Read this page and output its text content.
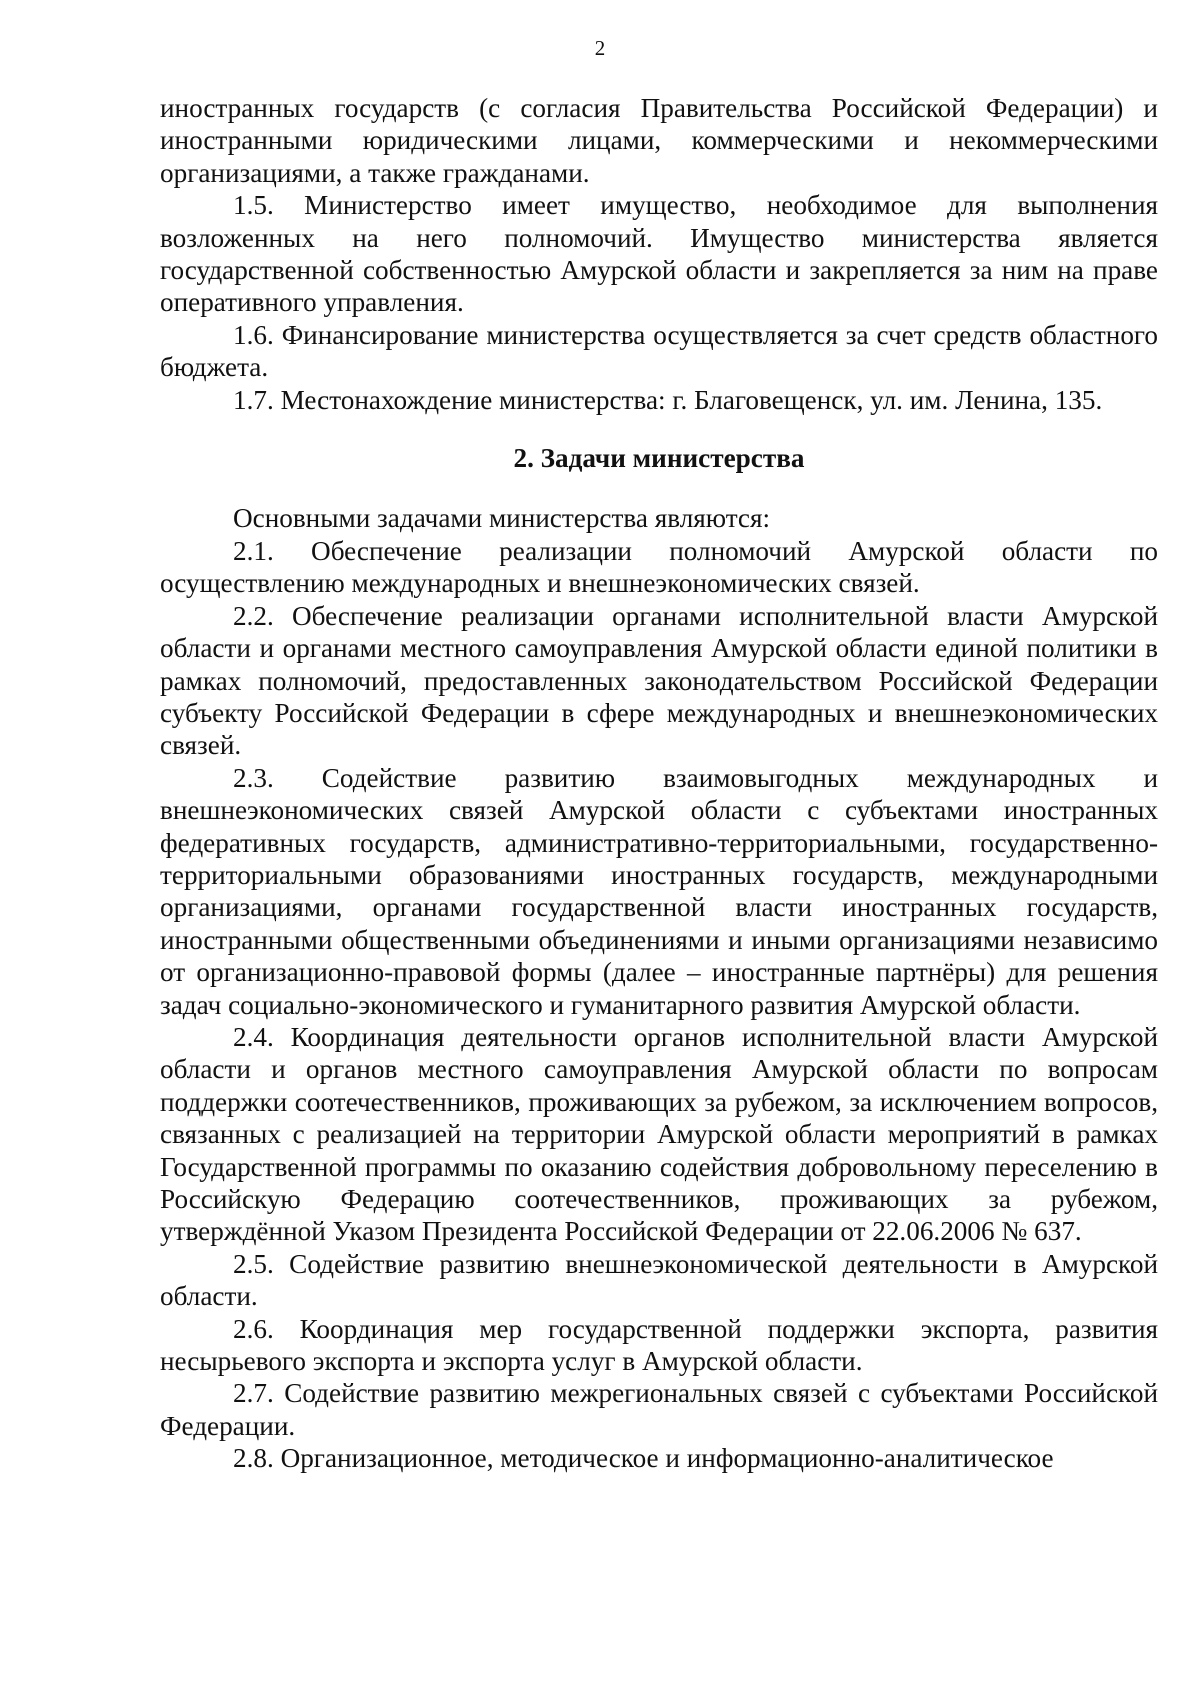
2

иностранных государств (с согласия Правительства Российской Федерации) и иностранными юридическими лицами, коммерческими и некоммерческими организациями, а также гражданами.

1.5. Министерство имеет имущество, необходимое для выполнения возложенных на него полномочий. Имущество министерства является государственной собственностью Амурской области и закрепляется за ним на праве оперативного управления.

1.6. Финансирование министерства осуществляется за счет средств областного бюджета.

1.7. Местонахождение министерства: г. Благовещенск, ул. им. Ленина, 135.

2. Задачи министерства

Основными задачами министерства являются:

2.1. Обеспечение реализации полномочий Амурской области по осуществлению международных и внешнеэкономических связей.

2.2. Обеспечение реализации органами исполнительной власти Амурской области и органами местного самоуправления Амурской области единой политики в рамках полномочий, предоставленных законодательством Российской Федерации субъекту Российской Федерации в сфере международных и внешнеэкономических связей.

2.3. Содействие развитию взаимовыгодных международных и внешнеэкономических связей Амурской области с субъектами иностранных федеративных государств, административно-территориальными, государственно-территориальными образованиями иностранных государств, международными организациями, органами государственной власти иностранных государств, иностранными общественными объединениями и иными организациями независимо от организационно-правовой формы (далее – иностранные партнёры) для решения задач социально-экономического и гуманитарного развития Амурской области.

2.4. Координация деятельности органов исполнительной власти Амурской области и органов местного самоуправления Амурской области по вопросам поддержки соотечественников, проживающих за рубежом, за исключением вопросов, связанных с реализацией на территории Амурской области мероприятий в рамках Государственной программы по оказанию содействия добровольному переселению в Российскую Федерацию соотечественников, проживающих за рубежом, утверждённой Указом Президента Российской Федерации от 22.06.2006 № 637.

2.5. Содействие развитию внешнеэкономической деятельности в Амурской области.

2.6. Координация мер государственной поддержки экспорта, развития несырьевого экспорта и экспорта услуг в Амурской области.

2.7. Содействие развитию межрегиональных связей с субъектами Российской Федерации.

2.8. Организационное, методическое и информационно-аналитическое
